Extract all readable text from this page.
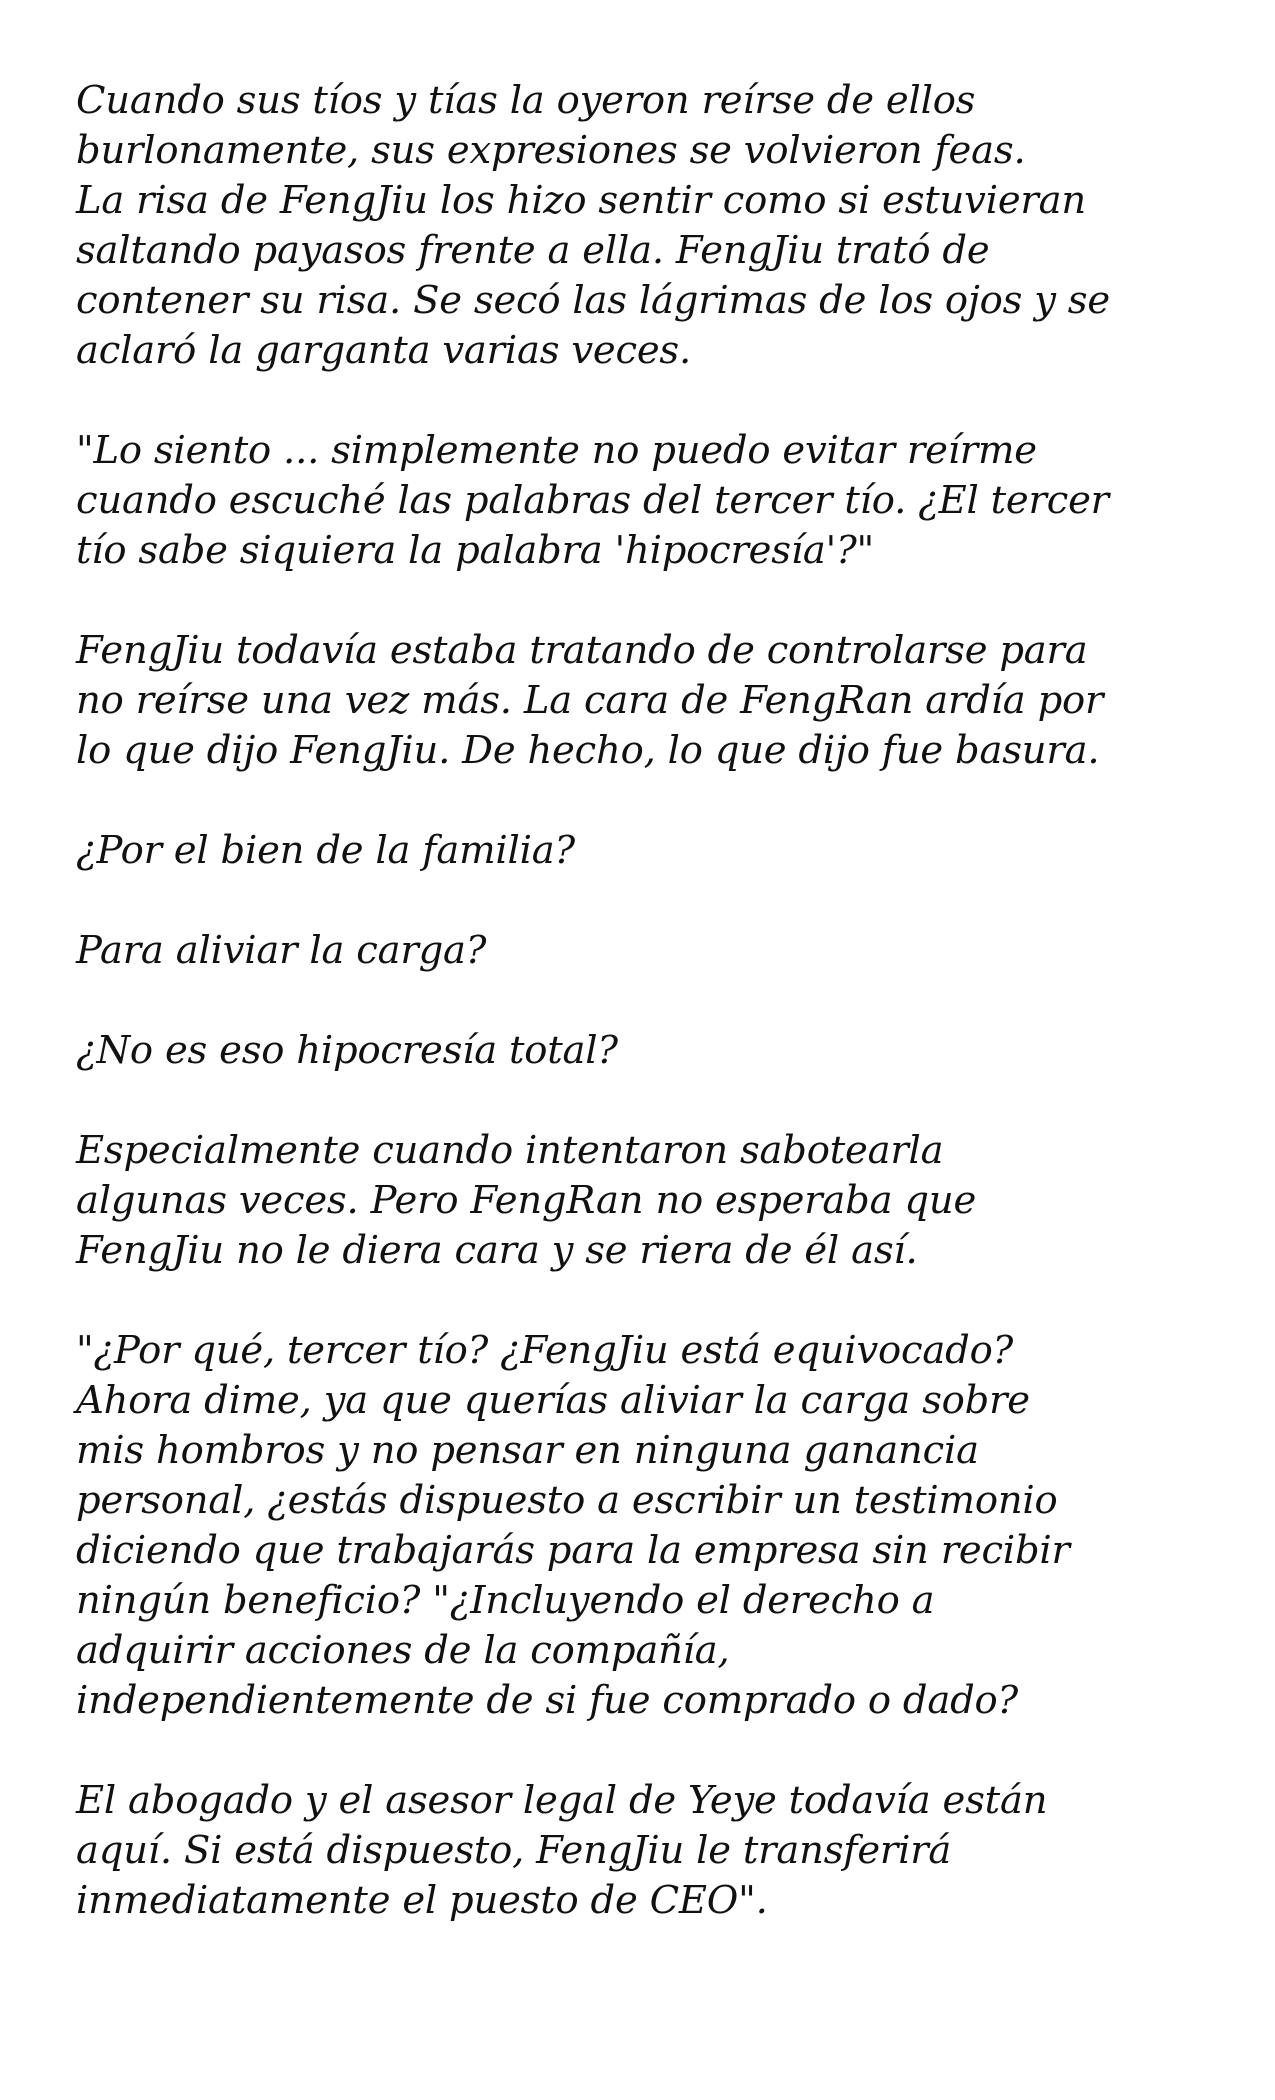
Cuando sus tíos y tías la oyeron reírse de ellos
burlonamente, sus expresiones se volvieron feas.
La risa de FengJiu los hizo sentir como si estuvieran
saltando payasos frente a ella. FengJiu trató de
contener su risa. Se secó las lágrimas de los ojos y se
aclaró la garganta varias veces.

"Lo siento ... simplemente no puedo evitar reírme
cuando escuché las palabras del tercer tío. ¿El tercer
tío sabe siquiera la palabra 'hipocresía'?"

FengJiu todavía estaba tratando de controlarse para
no reírse una vez más. La cara de FengRan ardía por
lo que dijo FengJiu. De hecho, lo que dijo fue basura.

¿Por el bien de la familia?

Para aliviar la carga?

¿No es eso hipocresía total?

Especialmente cuando intentaron sabotearla
algunas veces. Pero FengRan no esperaba que
FengJiu no le diera cara y se riera de él así.

"¿Por qué, tercer tío? ¿FengJiu está equivocado?
Ahora dime, ya que querías aliviar la carga sobre
mis hombros y no pensar en ninguna ganancia
personal, ¿estás dispuesto a escribir un testimonio
diciendo que trabajarás para la empresa sin recibir
ningún beneficio? "¿Incluyendo el derecho a
adquirir acciones de la compañía,
independientemente de si fue comprado o dado?

El abogado y el asesor legal de Yeye todavía están
aquí. Si está dispuesto, FengJiu le transferirá
inmediatamente el puesto de CEO".
